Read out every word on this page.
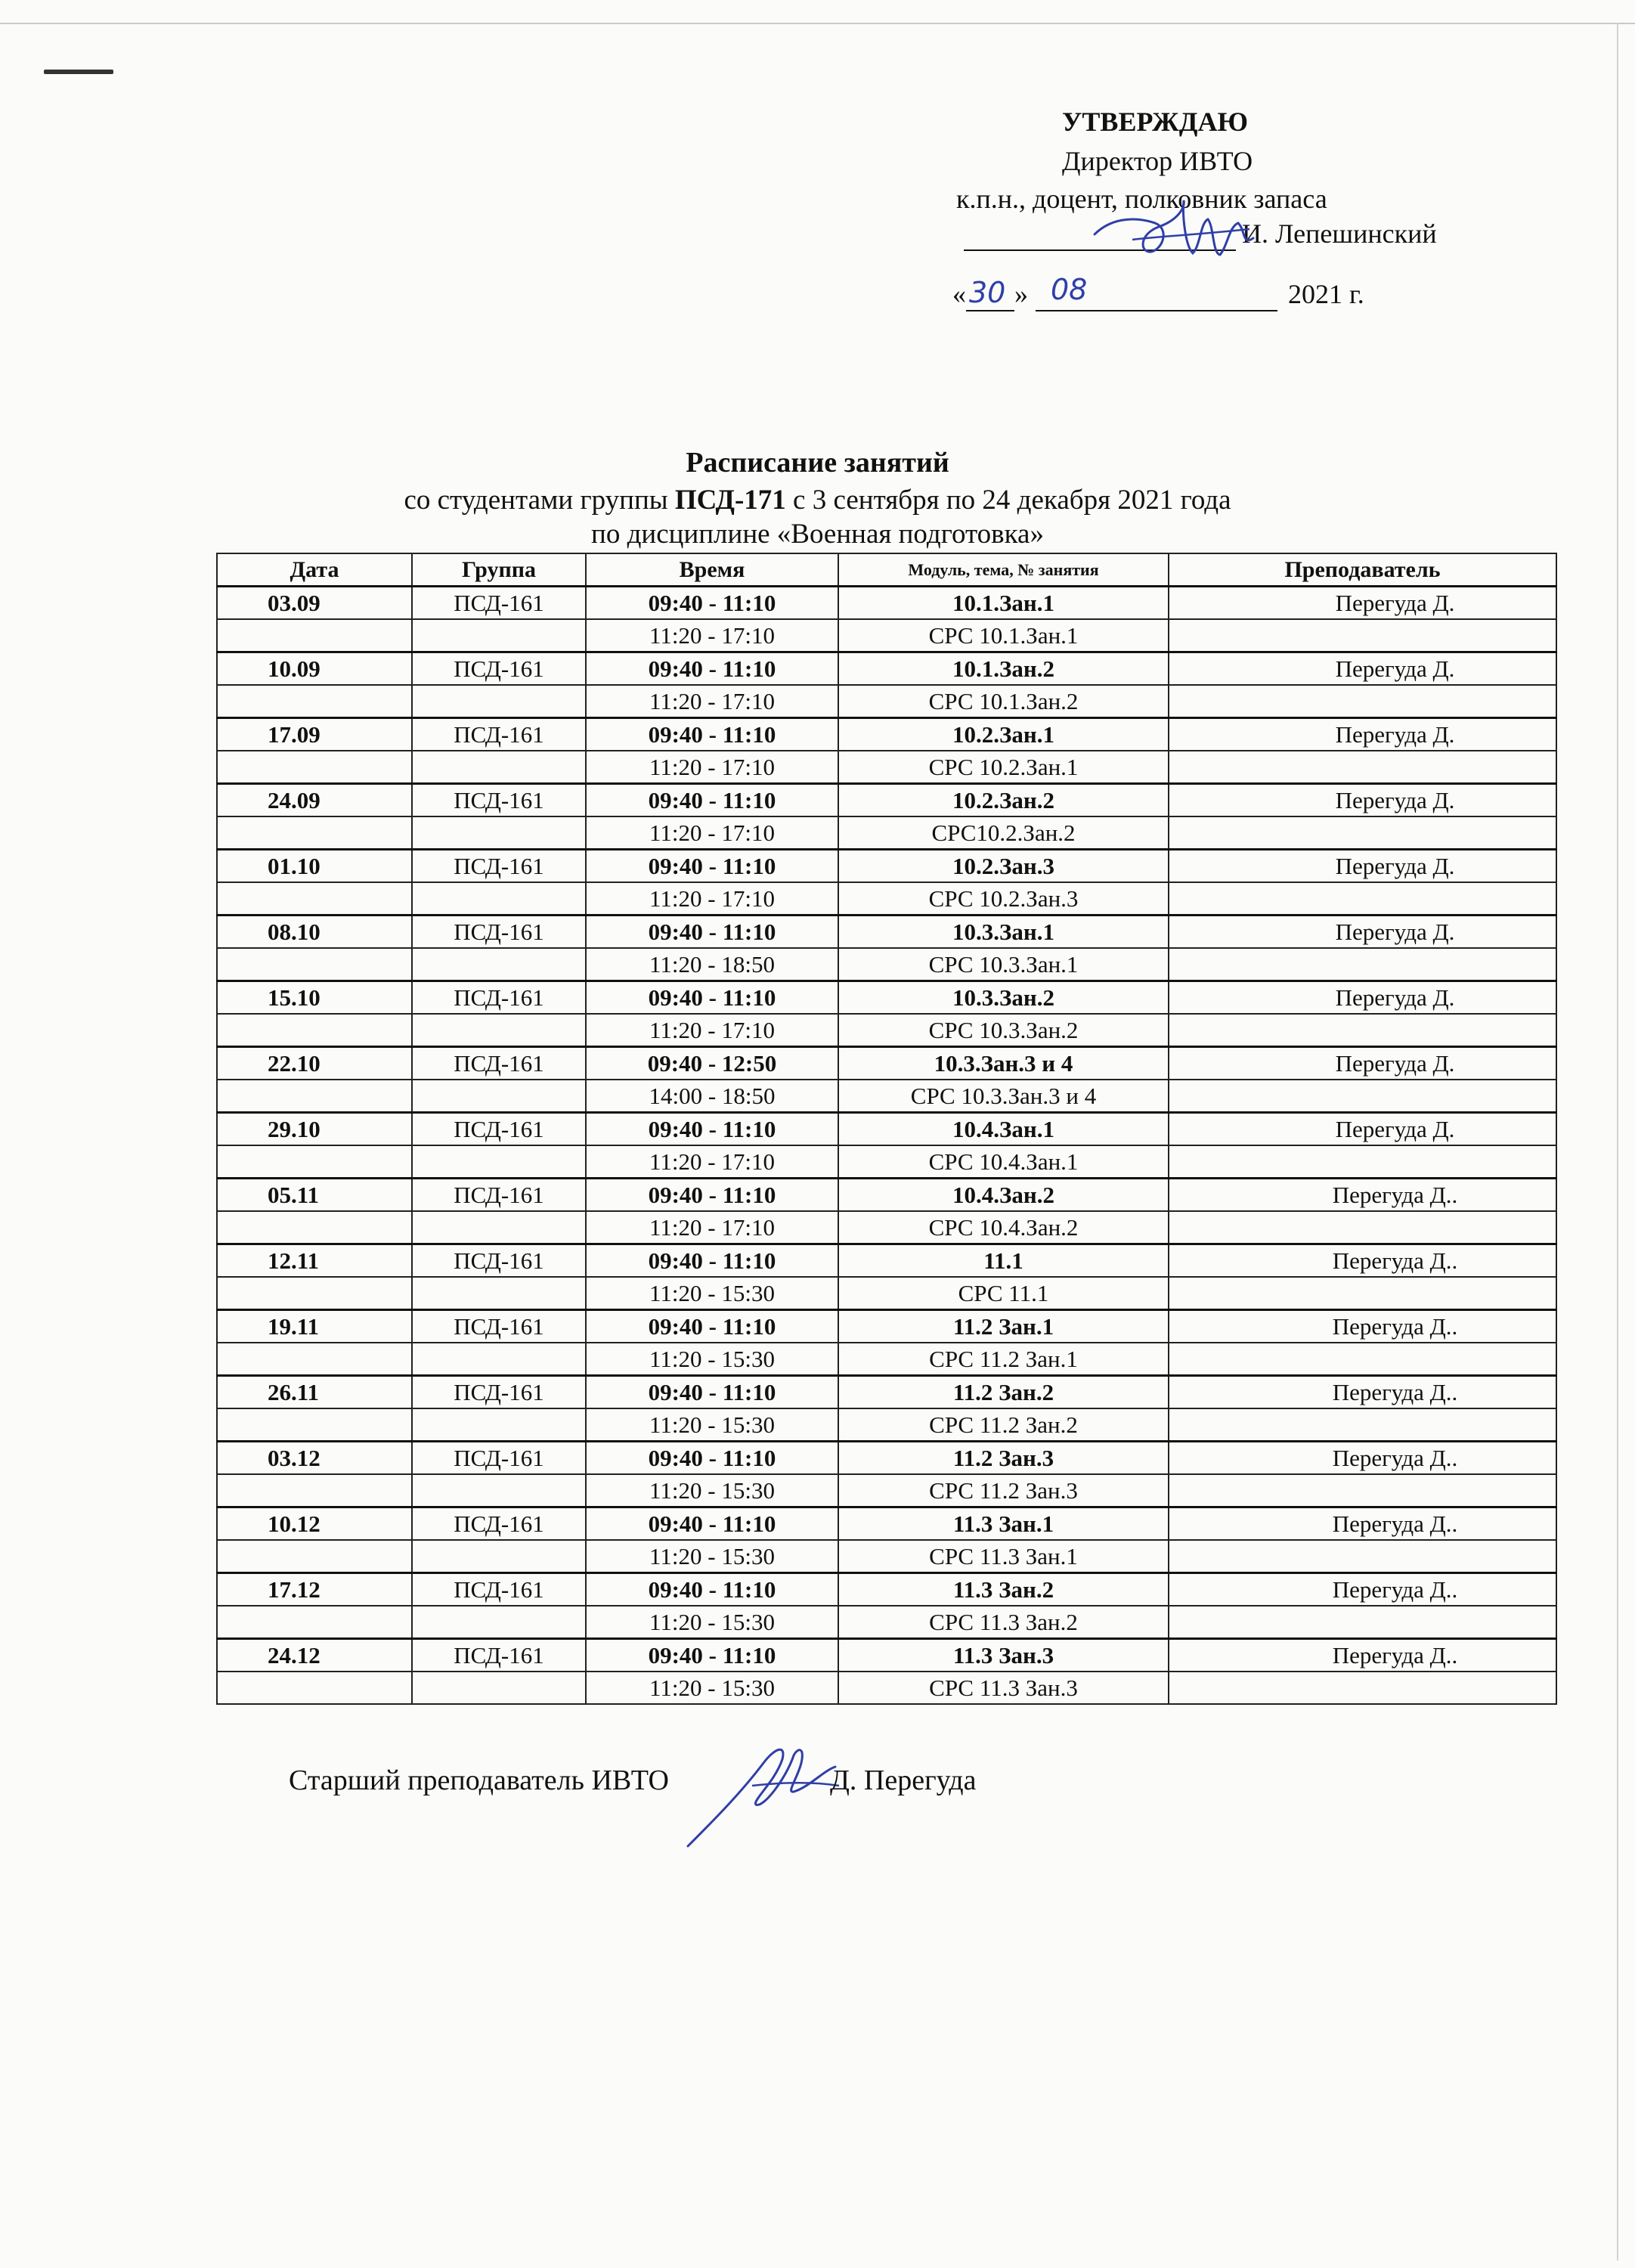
УТВЕРЖДАЮ
Директор ИВТО
к.п.н., доцент, полковник запаса
И. Лепешинский
« 30 » 08	2021 г.
Расписание занятий
со студентами группы ПСД-171 с 3 сентября по 24 декабря 2021 года
по дисциплине «Военная подготовка»
Дата	Группа	Время	Модуль, тема, № занятия	Преподаватель
03.09	ПСД-161	09:40 - 11:10	10.1.Зан.1	Перегуда Д.
		11:20 - 17:10	СРС 10.1.Зан.1	
10.09	ПСД-161	09:40 - 11:10	10.1.Зан.2	Перегуда Д.
		11:20 - 17:10	СРС 10.1.Зан.2	
17.09	ПСД-161	09:40 - 11:10	10.2.Зан.1	Перегуда Д.
		11:20 - 17:10	СРС 10.2.Зан.1	
24.09	ПСД-161	09:40 - 11:10	10.2.Зан.2	Перегуда Д.
		11:20 - 17:10	СРС10.2.Зан.2	
01.10	ПСД-161	09:40 - 11:10	10.2.Зан.3	Перегуда Д.
		11:20 - 17:10	СРС 10.2.Зан.3	
08.10	ПСД-161	09:40 - 11:10	10.3.Зан.1	Перегуда Д.
		11:20 - 18:50	СРС 10.3.Зан.1	
15.10	ПСД-161	09:40 - 11:10	10.3.Зан.2	Перегуда Д.
		11:20 - 17:10	СРС 10.3.Зан.2	
22.10	ПСД-161	09:40 - 12:50	10.3.Зан.3 и 4	Перегуда Д.
		14:00 - 18:50	СРС 10.3.Зан.3 и 4	
29.10	ПСД-161	09:40 - 11:10	10.4.Зан.1	Перегуда Д.
		11:20 - 17:10	СРС 10.4.Зан.1	
05.11	ПСД-161	09:40 - 11:10	10.4.Зан.2	Перегуда Д..
		11:20 - 17:10	СРС 10.4.Зан.2	
12.11	ПСД-161	09:40 - 11:10	11.1	Перегуда Д..
		11:20 - 15:30	СРС 11.1	
19.11	ПСД-161	09:40 - 11:10	11.2 Зан.1	Перегуда Д..
		11:20 - 15:30	СРС 11.2 Зан.1	
26.11	ПСД-161	09:40 - 11:10	11.2 Зан.2	Перегуда Д..
		11:20 - 15:30	СРС 11.2 Зан.2	
03.12	ПСД-161	09:40 - 11:10	11.2 Зан.3	Перегуда Д..
		11:20 - 15:30	СРС 11.2 Зан.3	
10.12	ПСД-161	09:40 - 11:10	11.3 Зан.1	Перегуда Д..
		11:20 - 15:30	СРС 11.3 Зан.1	
17.12	ПСД-161	09:40 - 11:10	11.3 Зан.2	Перегуда Д..
		11:20 - 15:30	СРС 11.3 Зан.2	
24.12	ПСД-161	09:40 - 11:10	11.3 Зан.3	Перегуда Д..
		11:20 - 15:30	СРС 11.3 Зан.3	
Старший преподаватель ИВТО	Д. Перегуда
